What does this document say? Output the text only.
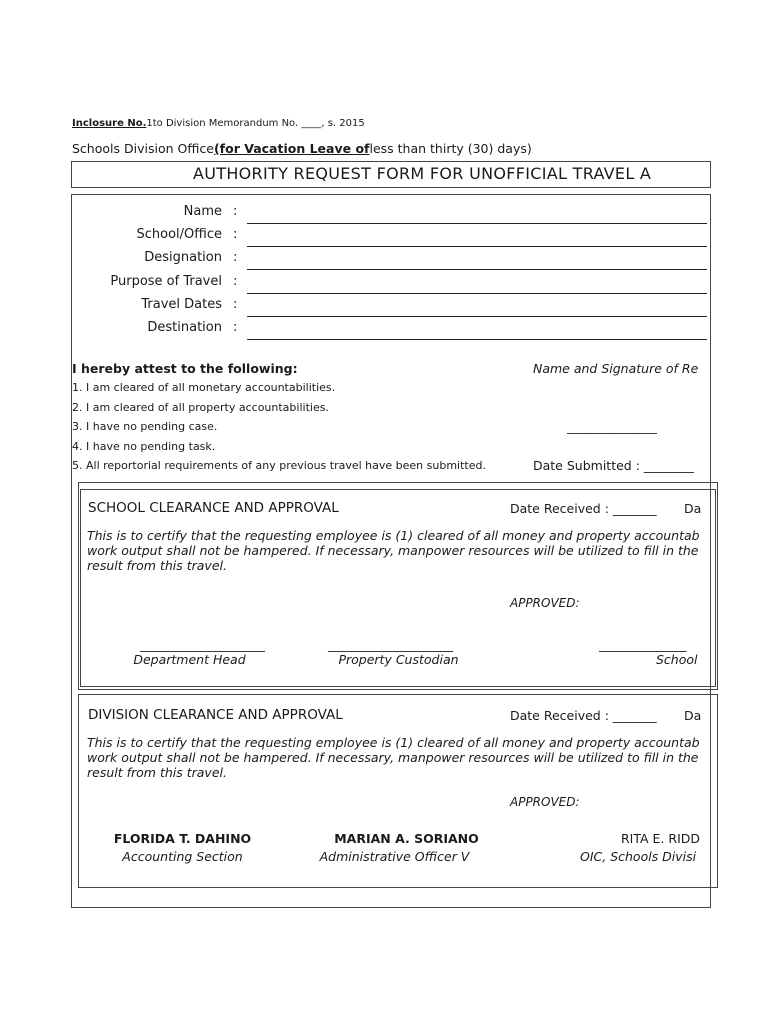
Inclosure No.1to Division Memorandum No. ____, s. 2015
Schools Division Office(for Vacation Leave ofless than thirty (30) days)
AUTHORITY REQUEST FORM FOR UNOFFICIAL TRAVEL A
Name :
School/Office :
Designation :
Purpose of Travel :
Travel Dates :
Destination :
I hereby attest to the following:
1. I am cleared of all monetary accountabilities.
2. I am cleared of all property accountabilities.
3. I have no pending case.
4. I have no pending task.
5. All reportorial requirements of any previous travel have been submitted.
Name and Signature of Re
_______________
Date Submitted : ________
SCHOOL CLEARANCE AND APPROVAL	Date Received : _______ Da
This is to certify that the requesting employee is (1) cleared of all money and property accountab
work output shall not be hampered. If necessary, manpower resources will be utilized to fill in the
result from this travel.
APPROVED:
____________________	____________________	______________
Department Head	Property Custodian	School
DIVISION CLEARANCE AND APPROVAL	Date Received : _______ Da
This is to certify that the requesting employee is (1) cleared of all money and property accountab
work output shall not be hampered. If necessary, manpower resources will be utilized to fill in the
result from this travel.
APPROVED:
FLORIDA T. DAHINO	MARIAN A. SORIANO	RITA E. RIDD
Accounting Section	Administrative Officer V	OIC, Schools Divisi
